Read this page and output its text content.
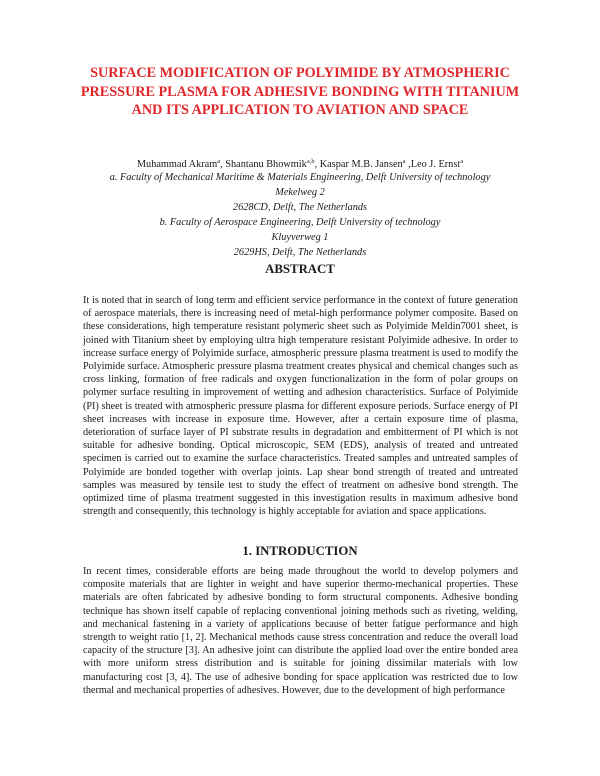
SURFACE MODIFICATION OF POLYIMIDE BY ATMOSPHERIC PRESSURE PLASMA FOR ADHESIVE BONDING WITH TITANIUM AND ITS APPLICATION TO AVIATION AND SPACE

Muhammad Akram$^a$, Shantanu Bhowmik$^{a,b}$, Kaspar M.B. Jansen$^a$ ,Leo J. Ernst$^a$

a. Faculty of Mechanical Maritime & Materials Engineering, Delft University of technology
Mekelweg 2
2628CD, Delft, The Netherlands
b. Faculty of Aerospace Engineering, Delft University of technology
Kluyverweg 1
2629HS, Delft, The Netherlands
ABSTRACT

It is noted that in search of long term and efficient service performance in the context of future generation of aerospace materials, there is increasing need of metal-high performance polymer composite. Based on these considerations, high temperature resistant polymeric sheet such as Polyimide Meldin7001 sheet, is joined with Titanium sheet by employing ultra high temperature resistant Polyimide adhesive. In order to increase surface energy of Polyimide surface, atmospheric pressure plasma treatment is used to modify the Polyimide surface. Atmospheric pressure plasma treatment creates physical and chemical changes such as cross linking, formation of free radicals and oxygen functionalization in the form of polar groups on polymer surface resulting in improvement of wetting and adhesion characteristics. Surface of Polyimide (PI) sheet is treated with atmospheric pressure plasma for different exposure periods. Surface energy of PI sheet increases with increase in exposure time. However, after a certain exposure time of plasma, deterioration of surface layer of PI substrate results in degradation and embitterment of PI which is not suitable for adhesive bonding. Optical microscopic, SEM (EDS), analysis of treated and untreated specimen is carried out to examine the surface characteristics. Treated samples and untreated samples of Polyimide are bonded together with overlap joints. Lap shear bond strength of treated and untreated samples was measured by tensile test to study the effect of treatment on adhesive bond strength. The optimized time of plasma treatment suggested in this investigation results in maximum adhesive bond strength and consequently, this technology is highly acceptable for aviation and space applications.

1. INTRODUCTION

In recent times, considerable efforts are being made throughout the world to develop polymers and composite materials that are lighter in weight and have superior thermo-mechanical properties. These materials are often fabricated by adhesive bonding to form structural components. Adhesive bonding technique has shown itself capable of replacing conventional joining methods such as riveting, welding, and mechanical fastening in a variety of applications because of better fatigue performance and high strength to weight ratio [1, 2]. Mechanical methods cause stress concentration and reduce the overall load capacity of the structure [3]. An adhesive joint can distribute the applied load over the entire bonded area with more uniform stress distribution and is suitable for joining dissimilar materials with low manufacturing cost [3, 4]. The use of adhesive bonding for space application was restricted due to low thermal and mechanical properties of adhesives. However, due to the development of high performance
